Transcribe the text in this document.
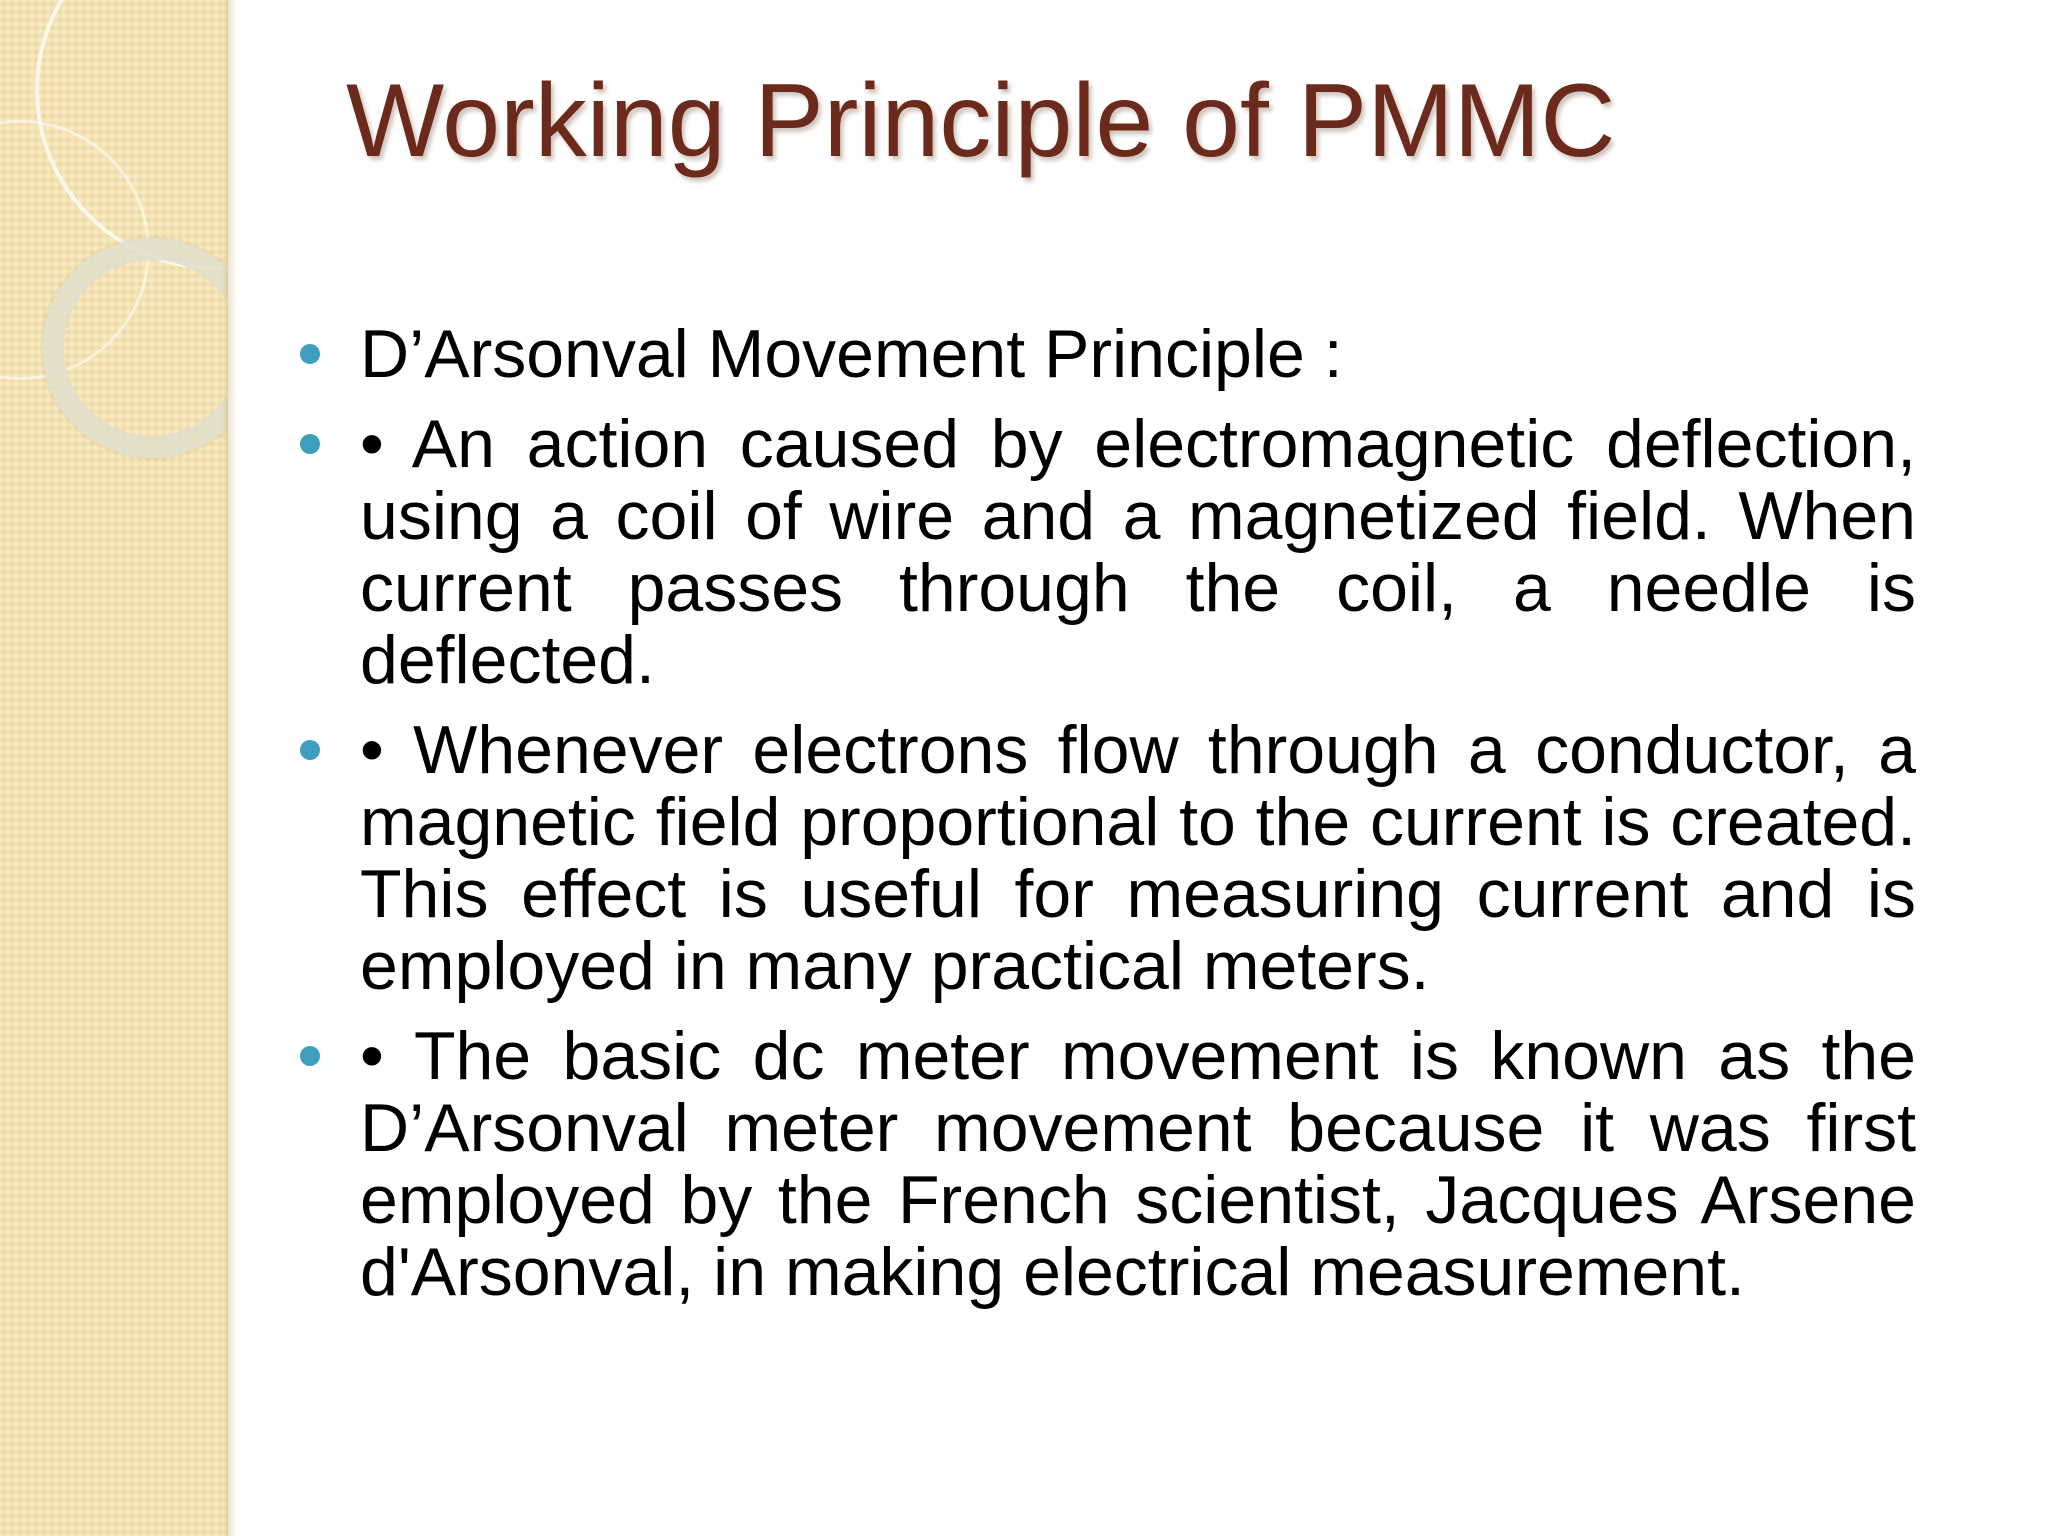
Working Principle of PMMC
D’Arsonval Movement Principle :
• An action caused by electromagnetic deflection, using a coil of wire and a magnetized field. When current passes through the coil, a needle is deflected.
• Whenever electrons flow through a conductor, a magnetic field proportional to the current is created. This effect is useful for measuring current and is employed in many practical meters.
• The basic dc meter movement is known as the D’Arsonval meter movement because it was first employed by the French scientist, Jacques Arsene d'Arsonval, in making electrical measurement.
